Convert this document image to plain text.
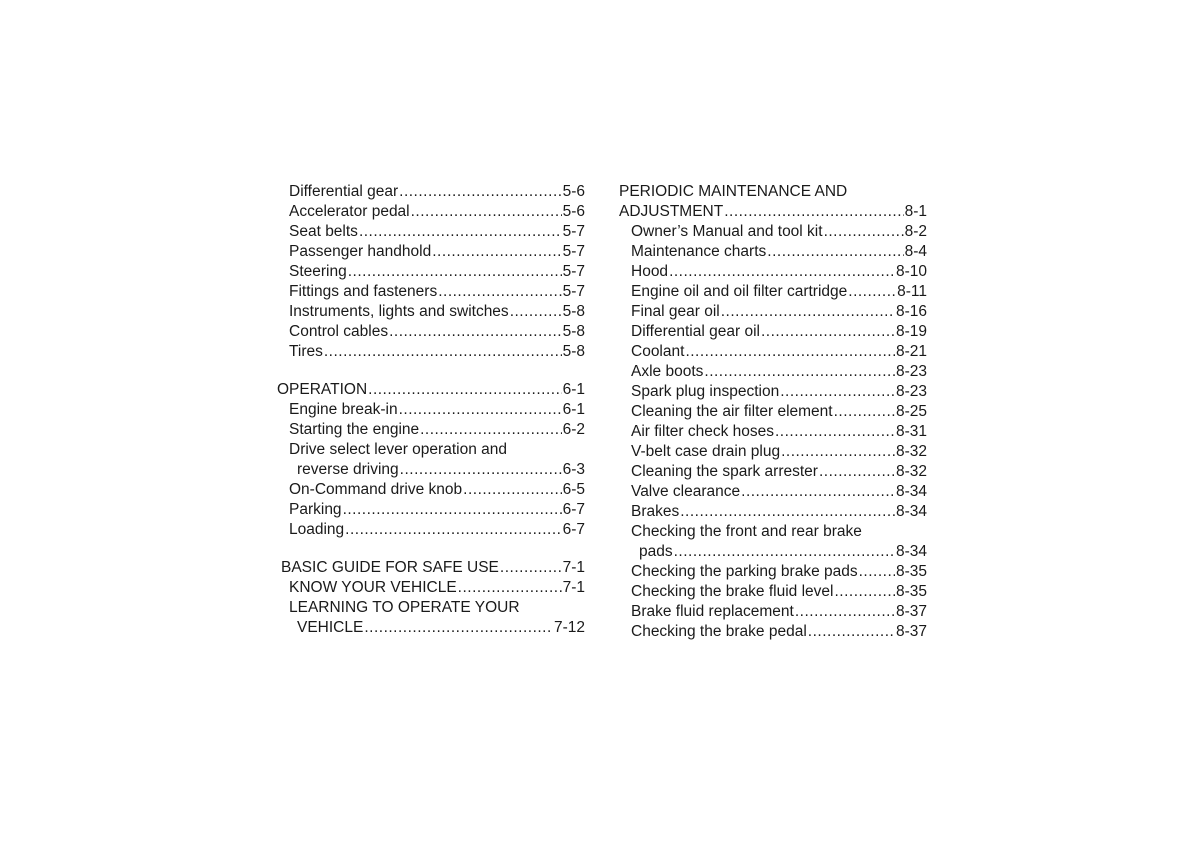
Differential gear .....	5-6
Accelerator pedal .....	5-6
Seat belts .....	5-7
Passenger handhold .....	5-7
Steering .....	5-7
Fittings and fasteners .....	5-7
Instruments, lights and switches .....	5-8
Control cables .....	5-8
Tires .....	5-8
OPERATION .....	6-1
Engine break-in .....	6-1
Starting the engine .....	6-2
Drive select lever operation and
reverse driving .....	6-3
On-Command drive knob .....	6-5
Parking .....	6-7
Loading .....	6-7
BASIC GUIDE FOR SAFE USE .....	7-1
KNOW YOUR VEHICLE .....	7-1
LEARNING TO OPERATE YOUR
VEHICLE .....	7-12
PERIODIC MAINTENANCE AND
ADJUSTMENT .....	8-1
Owner’s Manual and tool kit .....	8-2
Maintenance charts .....	8-4
Hood .....	8-10
Engine oil and oil filter cartridge .....	8-11
Final gear oil .....	8-16
Differential gear oil .....	8-19
Coolant .....	8-21
Axle boots .....	8-23
Spark plug inspection .....	8-23
Cleaning the air filter element .....	8-25
Air filter check hoses .....	8-31
V-belt case drain plug .....	8-32
Cleaning the spark arrester .....	8-32
Valve clearance .....	8-34
Brakes .....	8-34
Checking the front and rear brake
pads .....	8-34
Checking the parking brake pads ..... 8-35
Checking the brake fluid level .....	8-35
Brake fluid replacement .....	8-37
Checking the brake pedal .....	8-37
